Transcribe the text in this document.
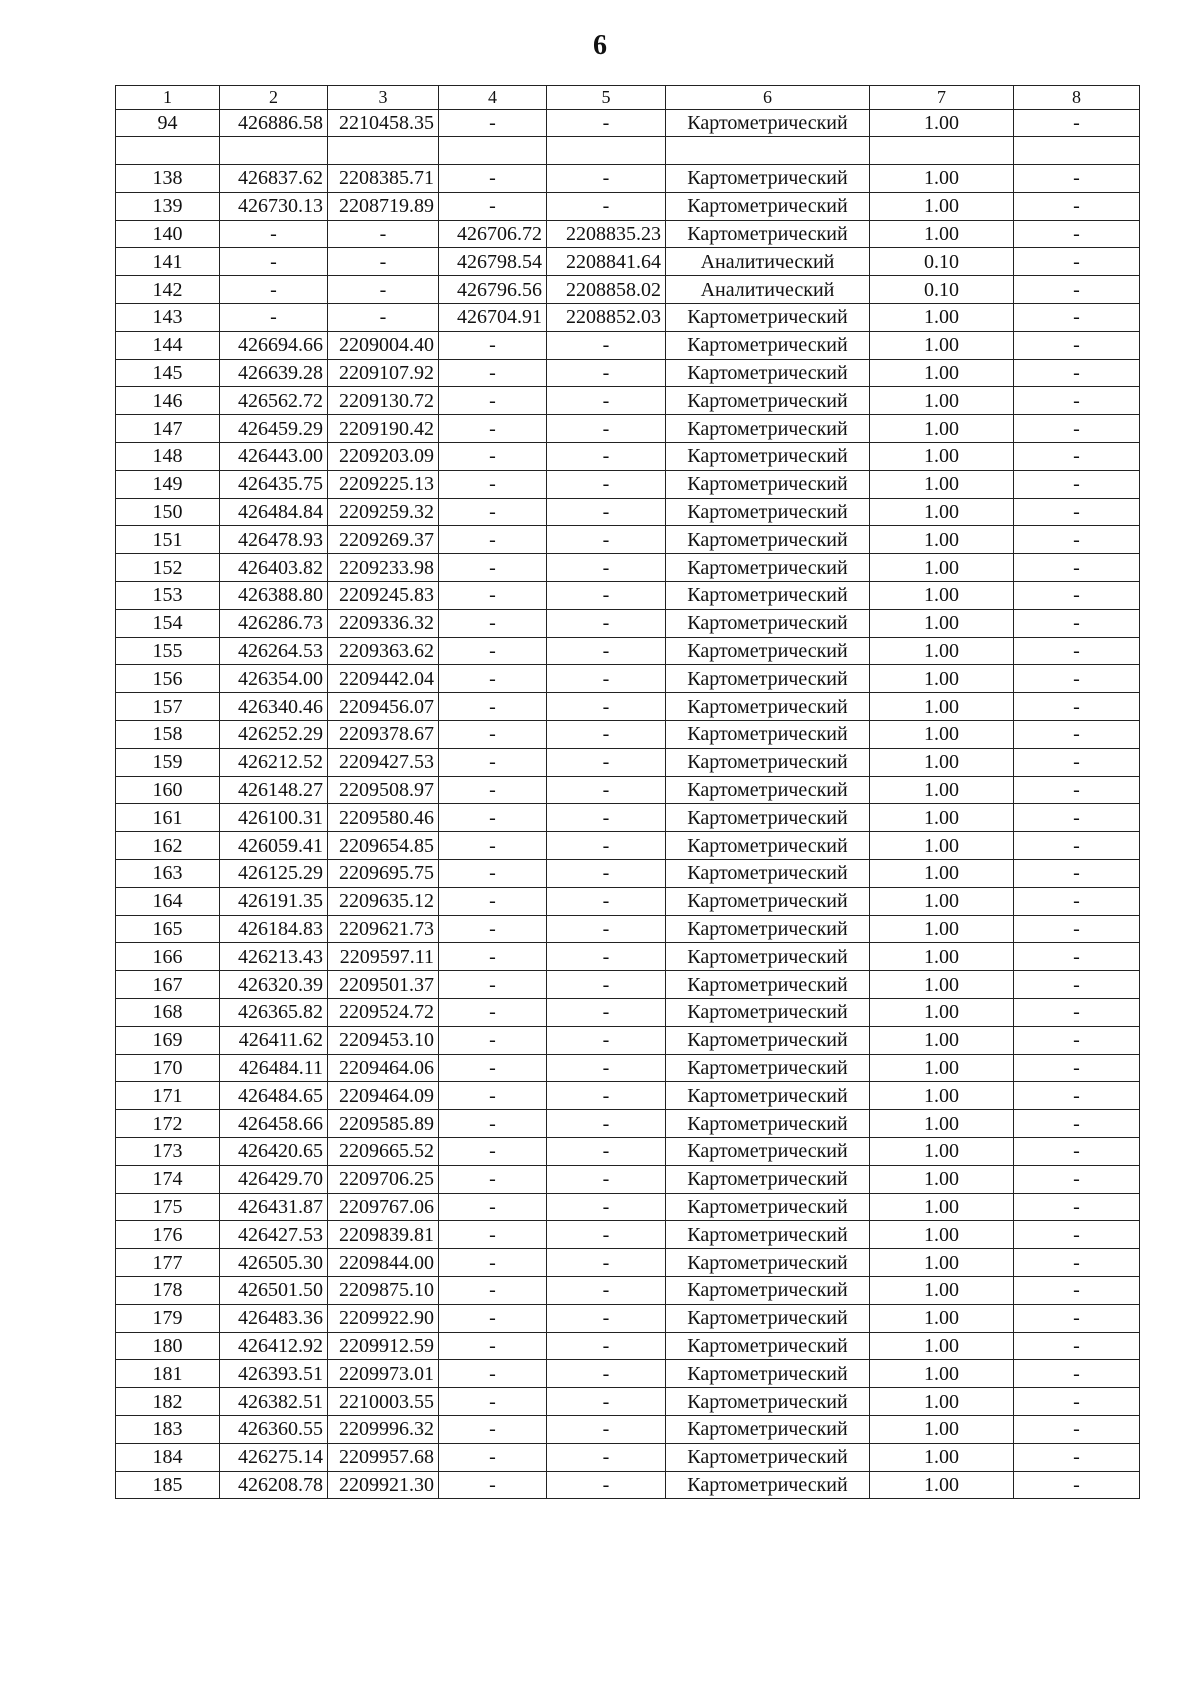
6
1	2	3	4	5	6	7	8
94	426886.58	2210458.35	-	-	Картометрический	1.00	-

138	426837.62	2208385.71	-	-	Картометрический	1.00	-
139	426730.13	2208719.89	-	-	Картометрический	1.00	-
140	-	-	426706.72	2208835.23	Картометрический	1.00	-
141	-	-	426798.54	2208841.64	Аналитический	0.10	-
142	-	-	426796.56	2208858.02	Аналитический	0.10	-
143	-	-	426704.91	2208852.03	Картометрический	1.00	-
144	426694.66	2209004.40	-	-	Картометрический	1.00	-
145	426639.28	2209107.92	-	-	Картометрический	1.00	-
146	426562.72	2209130.72	-	-	Картометрический	1.00	-
147	426459.29	2209190.42	-	-	Картометрический	1.00	-
148	426443.00	2209203.09	-	-	Картометрический	1.00	-
149	426435.75	2209225.13	-	-	Картометрический	1.00	-
150	426484.84	2209259.32	-	-	Картометрический	1.00	-
151	426478.93	2209269.37	-	-	Картометрический	1.00	-
152	426403.82	2209233.98	-	-	Картометрический	1.00	-
153	426388.80	2209245.83	-	-	Картометрический	1.00	-
154	426286.73	2209336.32	-	-	Картометрический	1.00	-
155	426264.53	2209363.62	-	-	Картометрический	1.00	-
156	426354.00	2209442.04	-	-	Картометрический	1.00	-
157	426340.46	2209456.07	-	-	Картометрический	1.00	-
158	426252.29	2209378.67	-	-	Картометрический	1.00	-
159	426212.52	2209427.53	-	-	Картометрический	1.00	-
160	426148.27	2209508.97	-	-	Картометрический	1.00	-
161	426100.31	2209580.46	-	-	Картометрический	1.00	-
162	426059.41	2209654.85	-	-	Картометрический	1.00	-
163	426125.29	2209695.75	-	-	Картометрический	1.00	-
164	426191.35	2209635.12	-	-	Картометрический	1.00	-
165	426184.83	2209621.73	-	-	Картометрический	1.00	-
166	426213.43	2209597.11	-	-	Картометрический	1.00	-
167	426320.39	2209501.37	-	-	Картометрический	1.00	-
168	426365.82	2209524.72	-	-	Картометрический	1.00	-
169	426411.62	2209453.10	-	-	Картометрический	1.00	-
170	426484.11	2209464.06	-	-	Картометрический	1.00	-
171	426484.65	2209464.09	-	-	Картометрический	1.00	-
172	426458.66	2209585.89	-	-	Картометрический	1.00	-
173	426420.65	2209665.52	-	-	Картометрический	1.00	-
174	426429.70	2209706.25	-	-	Картометрический	1.00	-
175	426431.87	2209767.06	-	-	Картометрический	1.00	-
176	426427.53	2209839.81	-	-	Картометрический	1.00	-
177	426505.30	2209844.00	-	-	Картометрический	1.00	-
178	426501.50	2209875.10	-	-	Картометрический	1.00	-
179	426483.36	2209922.90	-	-	Картометрический	1.00	-
180	426412.92	2209912.59	-	-	Картометрический	1.00	-
181	426393.51	2209973.01	-	-	Картометрический	1.00	-
182	426382.51	2210003.55	-	-	Картометрический	1.00	-
183	426360.55	2209996.32	-	-	Картометрический	1.00	-
184	426275.14	2209957.68	-	-	Картометрический	1.00	-
185	426208.78	2209921.30	-	-	Картометрический	1.00	-
